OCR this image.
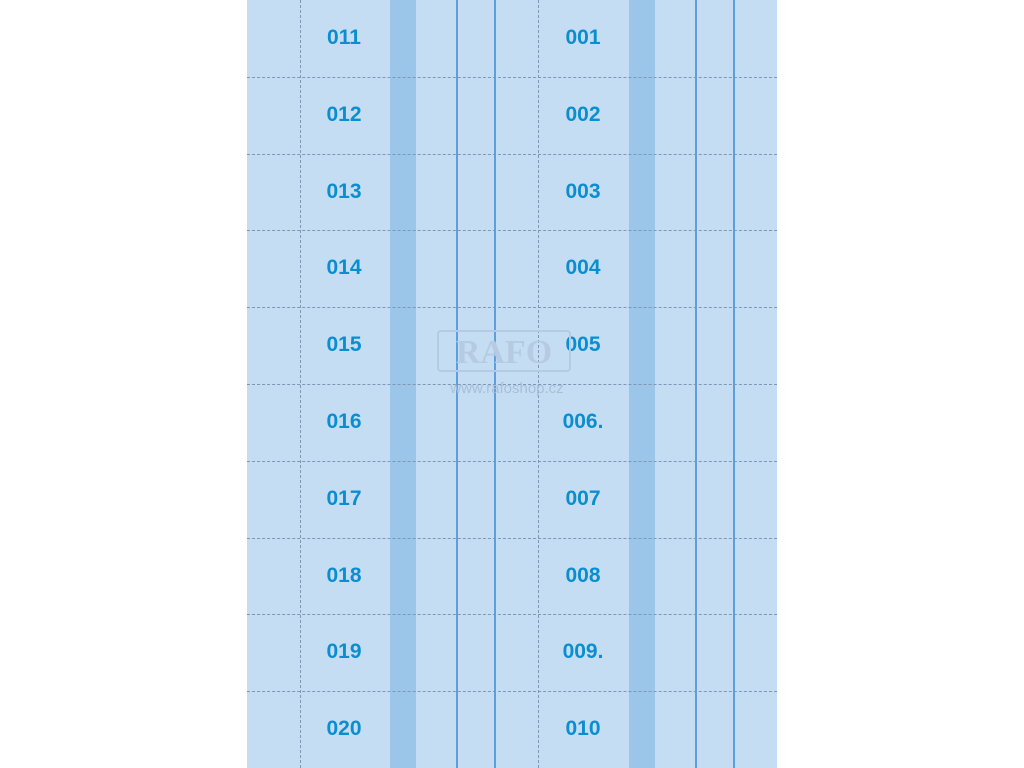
011
012
013
014
015
016
017
018
019
020
001
002
003
004
005
006.
007
008
009.
010
RAFO
www.rafoshop.cz
